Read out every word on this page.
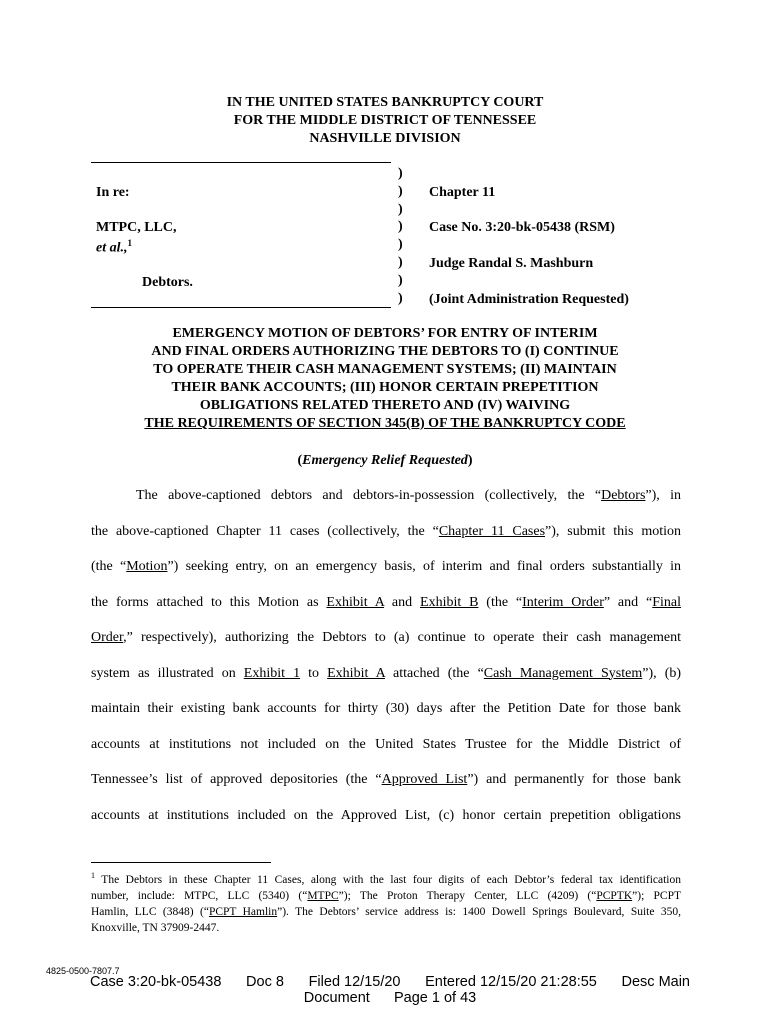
IN THE UNITED STATES BANKRUPTCY COURT
FOR THE MIDDLE DISTRICT OF TENNESSEE
NASHVILLE DIVISION
In re:
MTPC, LLC,
et al.,$^1$
Debtors.
)
)
)
)
)
)
)
)
Chapter 11
Case No. 3:20-bk-05438 (RSM)
Judge Randal S. Mashburn
(Joint Administration Requested)
EMERGENCY MOTION OF DEBTORS’ FOR ENTRY OF INTERIM
AND FINAL ORDERS AUTHORIZING THE DEBTORS TO (I) CONTINUE
TO OPERATE THEIR CASH MANAGEMENT SYSTEMS; (II) MAINTAIN
THEIR BANK ACCOUNTS; (III) HONOR CERTAIN PREPETITION
OBLIGATIONS RELATED THERETO AND (IV) WAIVING
THE REQUIREMENTS OF SECTION 345(B) OF THE BANKRUPTCY CODE
(Emergency Relief Requested)
The above-captioned debtors and debtors-in-possession (collectively, the “Debtors”), in
the above-captioned Chapter 11 cases (collectively, the “Chapter 11 Cases”), submit this motion
(the “Motion”) seeking entry, on an emergency basis, of interim and final orders substantially in
the forms attached to this Motion as Exhibit A and Exhibit B (the “Interim Order” and “Final
Order,” respectively), authorizing the Debtors to (a) continue to operate their cash management
system as illustrated on Exhibit 1 to Exhibit A attached (the “Cash Management System”), (b)
maintain their existing bank accounts for thirty (30) days after the Petition Date for those bank
accounts at institutions not included on the United States Trustee for the Middle District of
Tennessee’s list of approved depositories (the “Approved List”) and permanently for those bank
accounts at institutions included on the Approved List, (c) honor certain prepetition obligations
$^1$ The Debtors in these Chapter 11 Cases, along with the last four digits of each Debtor’s federal tax identification
number, include: MTPC, LLC (5340) (“MTPC”); The Proton Therapy Center, LLC (4209) (“PCPTK”); PCPT
Hamlin, LLC (3848) (“PCPT Hamlin”). The Debtors’ service address is: 1400 Dowell Springs Boulevard, Suite 350,
Knoxville, TN 37909-2447.
4825-0500-7807.7
Case 3:20-bk-05438 Doc 8 Filed 12/15/20 Entered 12/15/20 21:28:55 Desc Main
Document Page 1 of 43
